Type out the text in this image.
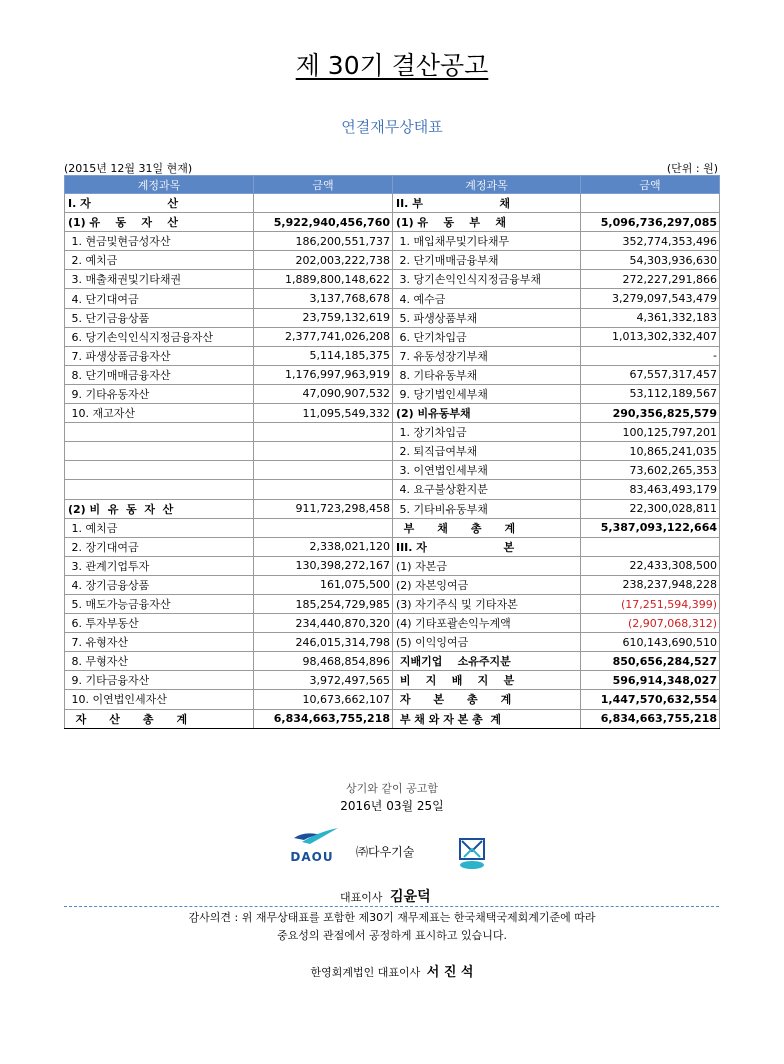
제 30기 결산공고
연결재무상태표
(2015년 12월 31일 현재)	(단위 : 원)
계정과목	금액	계정과목	금액
I. 자                    산		II. 부                    채	
(1) 유    동    자    산	5,922,940,456,760	(1) 유    동    부    채	5,096,736,297,085
1. 현금및현금성자산	186,200,551,737	1. 매입채무및기타채무	352,774,353,496
2. 예치금	202,003,222,738	2. 단기매매금융부채	54,303,936,630
3. 매출채권및기타채권	1,889,800,148,622	3. 당기손익인식지정금융부채	272,227,291,866
4. 단기대여금	3,137,768,678	4. 예수금	3,279,097,543,479
5. 단기금융상품	23,759,132,619	5. 파생상품부채	4,361,332,183
6. 당기손익인식지정금융자산	2,377,741,026,208	6. 단기차입금	1,013,302,332,407
7. 파생상품금융자산	5,114,185,375	7. 유동성장기부채	-
8. 단기매매금융자산	1,176,997,963,919	8. 기타유동부채	67,557,317,457
9. 기타유동자산	47,090,907,532	9. 당기법인세부채	53,112,189,567
10. 재고자산	11,095,549,332	(2) 비유동부채	290,356,825,579
		1. 장기차입금	100,125,797,201
		2. 퇴직급여부채	10,865,241,035
		3. 이연법인세부채	73,602,265,353
		4. 요구불상환지분	83,463,493,179
(2) 비  유  동  자  산	911,723,298,458	5. 기타비유동부채	22,300,028,811
1. 예치금		부      채      총      계	5,387,093,122,664
2. 장기대여금	2,338,021,120	III. 자                    본	
3. 관계기업투자	130,398,272,167	(1) 자본금	22,433,308,500
4. 장기금융상품	161,075,500	(2) 자본잉여금	238,237,948,228
5. 매도가능금융자산	185,254,729,985	(3) 자기주식 및 기타자본	(17,251,594,399)
6. 투자부동산	234,440,870,320	(4) 기타포괄손익누계액	(2,907,068,312)
7. 유형자산	246,015,314,798	(5) 이익잉여금	610,143,690,510
8. 무형자산	98,468,854,896	지배기업    소유주지분	850,656,284,527
9. 기타금융자산	3,972,497,565	비    지    배    지    분	596,914,348,027
10. 이연법인세자산	10,673,662,107	자      본      총      계	1,447,570,632,554
자      산      총      계	6,834,663,755,218	부 채 와 자 본 총  계	6,834,663,755,218
상기와 같이 공고함
2016년 03월 25일
DAOU ㈜다우기술
대표이사 김윤덕
감사의견 : 위 재무상태표를 포함한 제30기 재무제표는 한국채택국제회계기준에 따라
중요성의 관점에서 공정하게 표시하고 있습니다.
한영회계법인 대표이사 서 진 석
